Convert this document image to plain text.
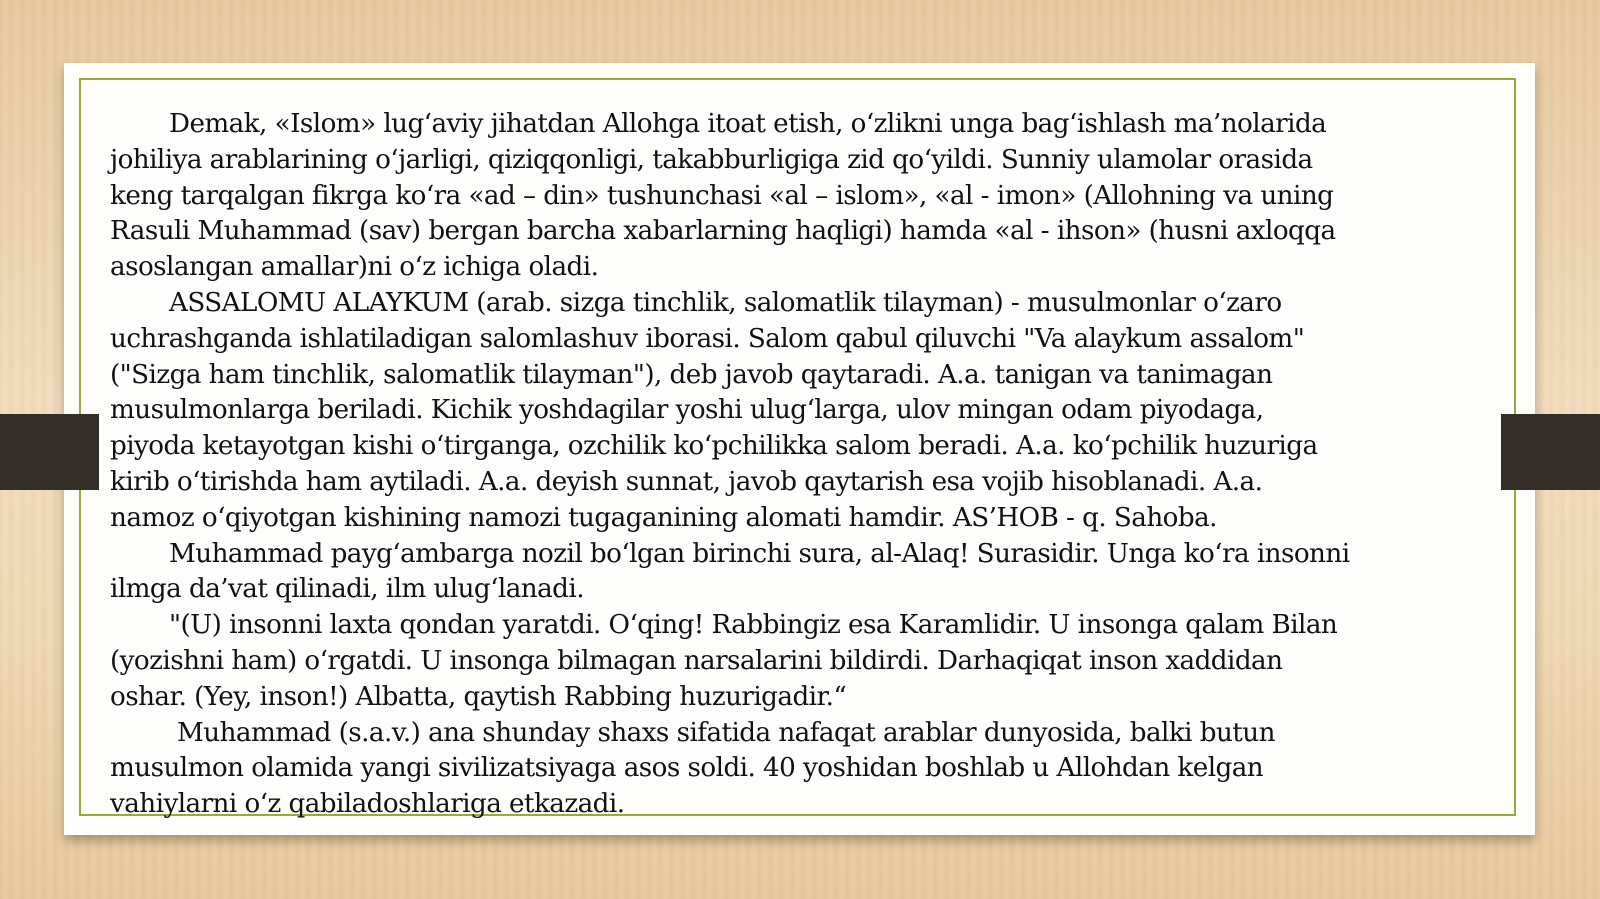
Demak, «Islom» lug‘aviy jihatdan Allohga itoat etish, o‘zlikni unga bag‘ishlash ma’nolarida

johiliya arablarining o‘jarligi, qiziqqonligi, takabburligiga zid qo‘yildi. Sunniy ulamolar orasida

keng tarqalgan fikrga ko‘ra «ad – din» tushunchasi «al – islom», «al - imon» (Allohning va uning

Rasuli Muhammad (sav) bergan barcha xabarlarning haqligi) hamda «al - ihson» (husni axloqqa

asoslangan amallar)ni o‘z ichiga oladi.

ASSALOMU ALAYKUM (arab. sizga tinchlik, salomatlik tilayman) - musulmonlar o‘zaro

uchrashganda ishlatiladigan salomlashuv iborasi. Salom qabul qiluvchi "Va alaykum assalom"

("Sizga ham tinchlik, salomatlik tilayman"), deb javob qaytaradi. A.a. tanigan va tanimagan

musulmonlarga beriladi. Kichik yoshdagilar yoshi ulug‘larga, ulov mingan odam piyodaga,

piyoda ketayotgan kishi o‘tirganga, ozchilik ko‘pchilikka salom beradi. A.a. ko‘pchilik huzuriga

kirib o‘tirishda ham aytiladi. A.a. deyish sunnat, javob qaytarish esa vojib hisoblanadi. A.a.

namoz o‘qiyotgan kishining namozi tugaganining alomati hamdir. AS’HOB - q. Sahoba.

Muhammad payg‘ambarga nozil bo‘lgan birinchi sura, al-Alaq! Surasidir. Unga ko‘ra insonni

ilmga da’vat qilinadi, ilm ulug‘lanadi.

"(U) insonni laxta qondan yaratdi. O‘qing! Rabbingiz esa Karamlidir. U insonga qalam Bilan

(yozishni ham) o‘rgatdi. U insonga bilmagan narsalarini bildirdi. Darhaqiqat inson xaddidan

oshar. (Yey, inson!) Albatta, qaytish Rabbing huzurigadir.“

Muhammad (s.a.v.) ana shunday shaxs sifatida nafaqat arablar dunyosida, balki butun

musulmon olamida yangi sivilizatsiyaga asos soldi. 40 yoshidan boshlab u Allohdan kelgan

vahiylarni o‘z qabiladoshlariga etkazadi.
